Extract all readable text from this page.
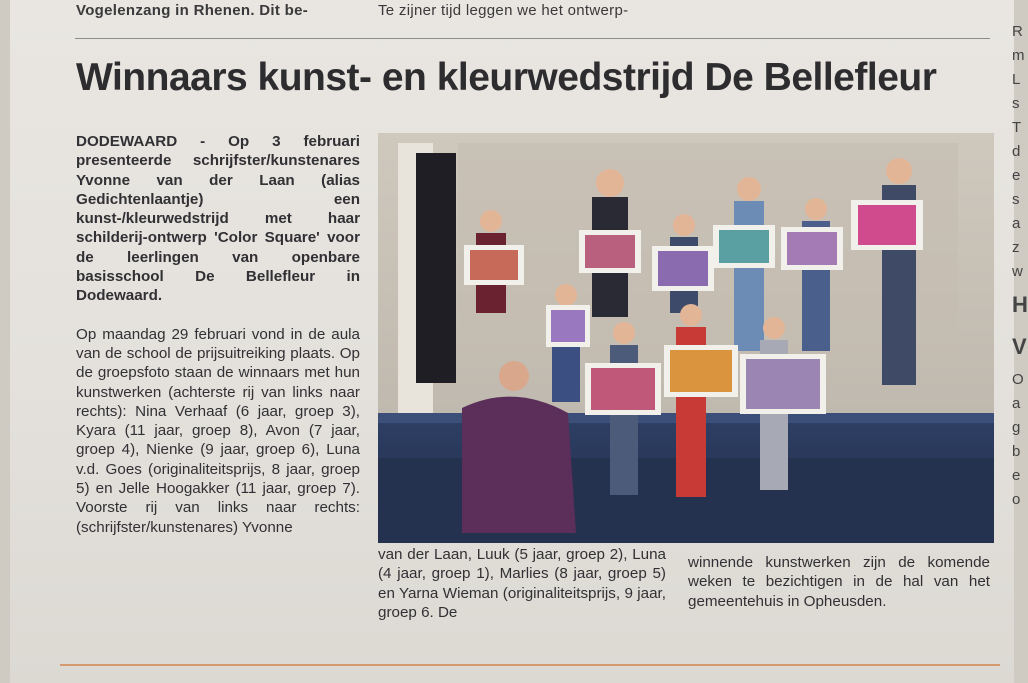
Vogelenzang in Rhenen. Dit be-	Te zijner tijd leggen we het ontwerp-
Winnaars kunst- en kleurwedstrijd De Bellefleur

DODEWAARD - Op 3 februari presenteerde schrijfster/kunstenares Yvonne van der Laan (alias Gedichtenlaantje) een kunst-/kleurwedstrijd met haar schilderij-ontwerp 'Color Square' voor de leerlingen van openbare basisschool De Bellefleur in Dodewaard.

Op maandag 29 februari vond in de aula van de school de prijsuitreiking plaats. Op de groepsfoto staan de winnaars met hun kunstwerken (achterste rij van links naar rechts): Nina Verhaaf (6 jaar, groep 3), Kyara (11 jaar, groep 8), Avon (7 jaar, groep 4), Nienke (9 jaar, groep 6), Luna v.d. Goes (originaliteitsprijs, 8 jaar, groep 5) en Jelle Hoogakker (11 jaar, groep 7). Voorste rij van links naar rechts: (schrijfster/kunstenares) Yvonne

van der Laan, Luuk (5 jaar, groep 2), Luna (4 jaar, groep 1), Marlies (8 jaar, groep 5) en Yarna Wieman (originaliteitsprijs, 9 jaar, groep 6. De

winnende kunstwerken zijn de komende weken te bezichtigen in de hal van het gemeentehuis in Opheusden.

R
m
L
s
T
d
e
s
a
z
w
H
V
O
a
g
b
e
o
